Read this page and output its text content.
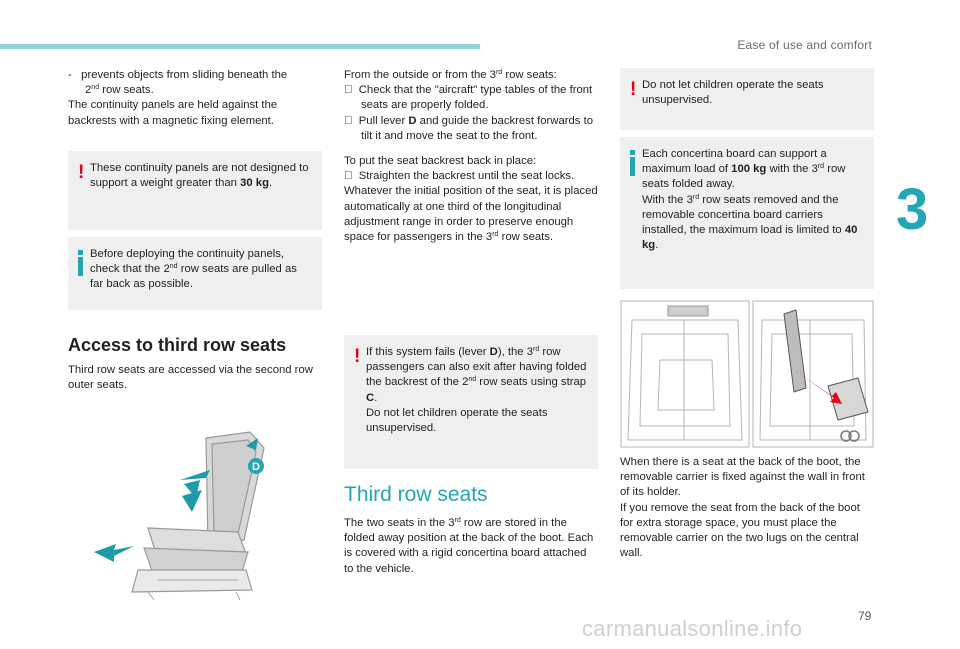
Ease of use and comfort
3

-   prevents objects from sliding beneath the

2nd row seats.

The continuity panels are held against the backrests with a magnetic fixing element.

! These continuity panels are not designed to support a weight greater than 30 kg.

Before deploying the continuity panels, check that the 2nd row seats are pulled as far back as possible.

Access to third row seats
Third row seats are accessed via the second row outer seats.
D

From the outside or from the 3rd row seats:

Check that the "aircraft" type tables of the front seats are properly folded.

Pull lever D and guide the backrest forwards to tilt it and move the seat to the front.

To put the seat backrest back in place:

Straighten the backrest until the seat locks.

Whatever the initial position of the seat, it is placed automatically at one third of the longitudinal adjustment range in order to preserve enough space for passengers in the 3rd row seats.

! If this system fails (lever D), the 3rd row passengers can also exit after having folded the backrest of the 2nd row seats using strap C.

Do not let children operate the seats unsupervised.

Third row seats

The two seats in the 3rd row are stored in the folded away position at the back of the boot. Each is covered with a rigid concertina board attached to the vehicle.

! Do not let children operate the seats unsupervised.

Each concertina board can support a maximum load of 100 kg with the 3rd row seats folded away.

With the 3rd row seats removed and the removable concertina board carriers installed, the maximum load is limited to 40 kg.

When there is a seat at the back of the boot, the removable carrier is fixed against the wall in front of its holder.

If you remove the seat from the back of the boot for extra storage space, you must place the removable carrier on the two lugs on the central wall.

79
carmanualsonline.info
